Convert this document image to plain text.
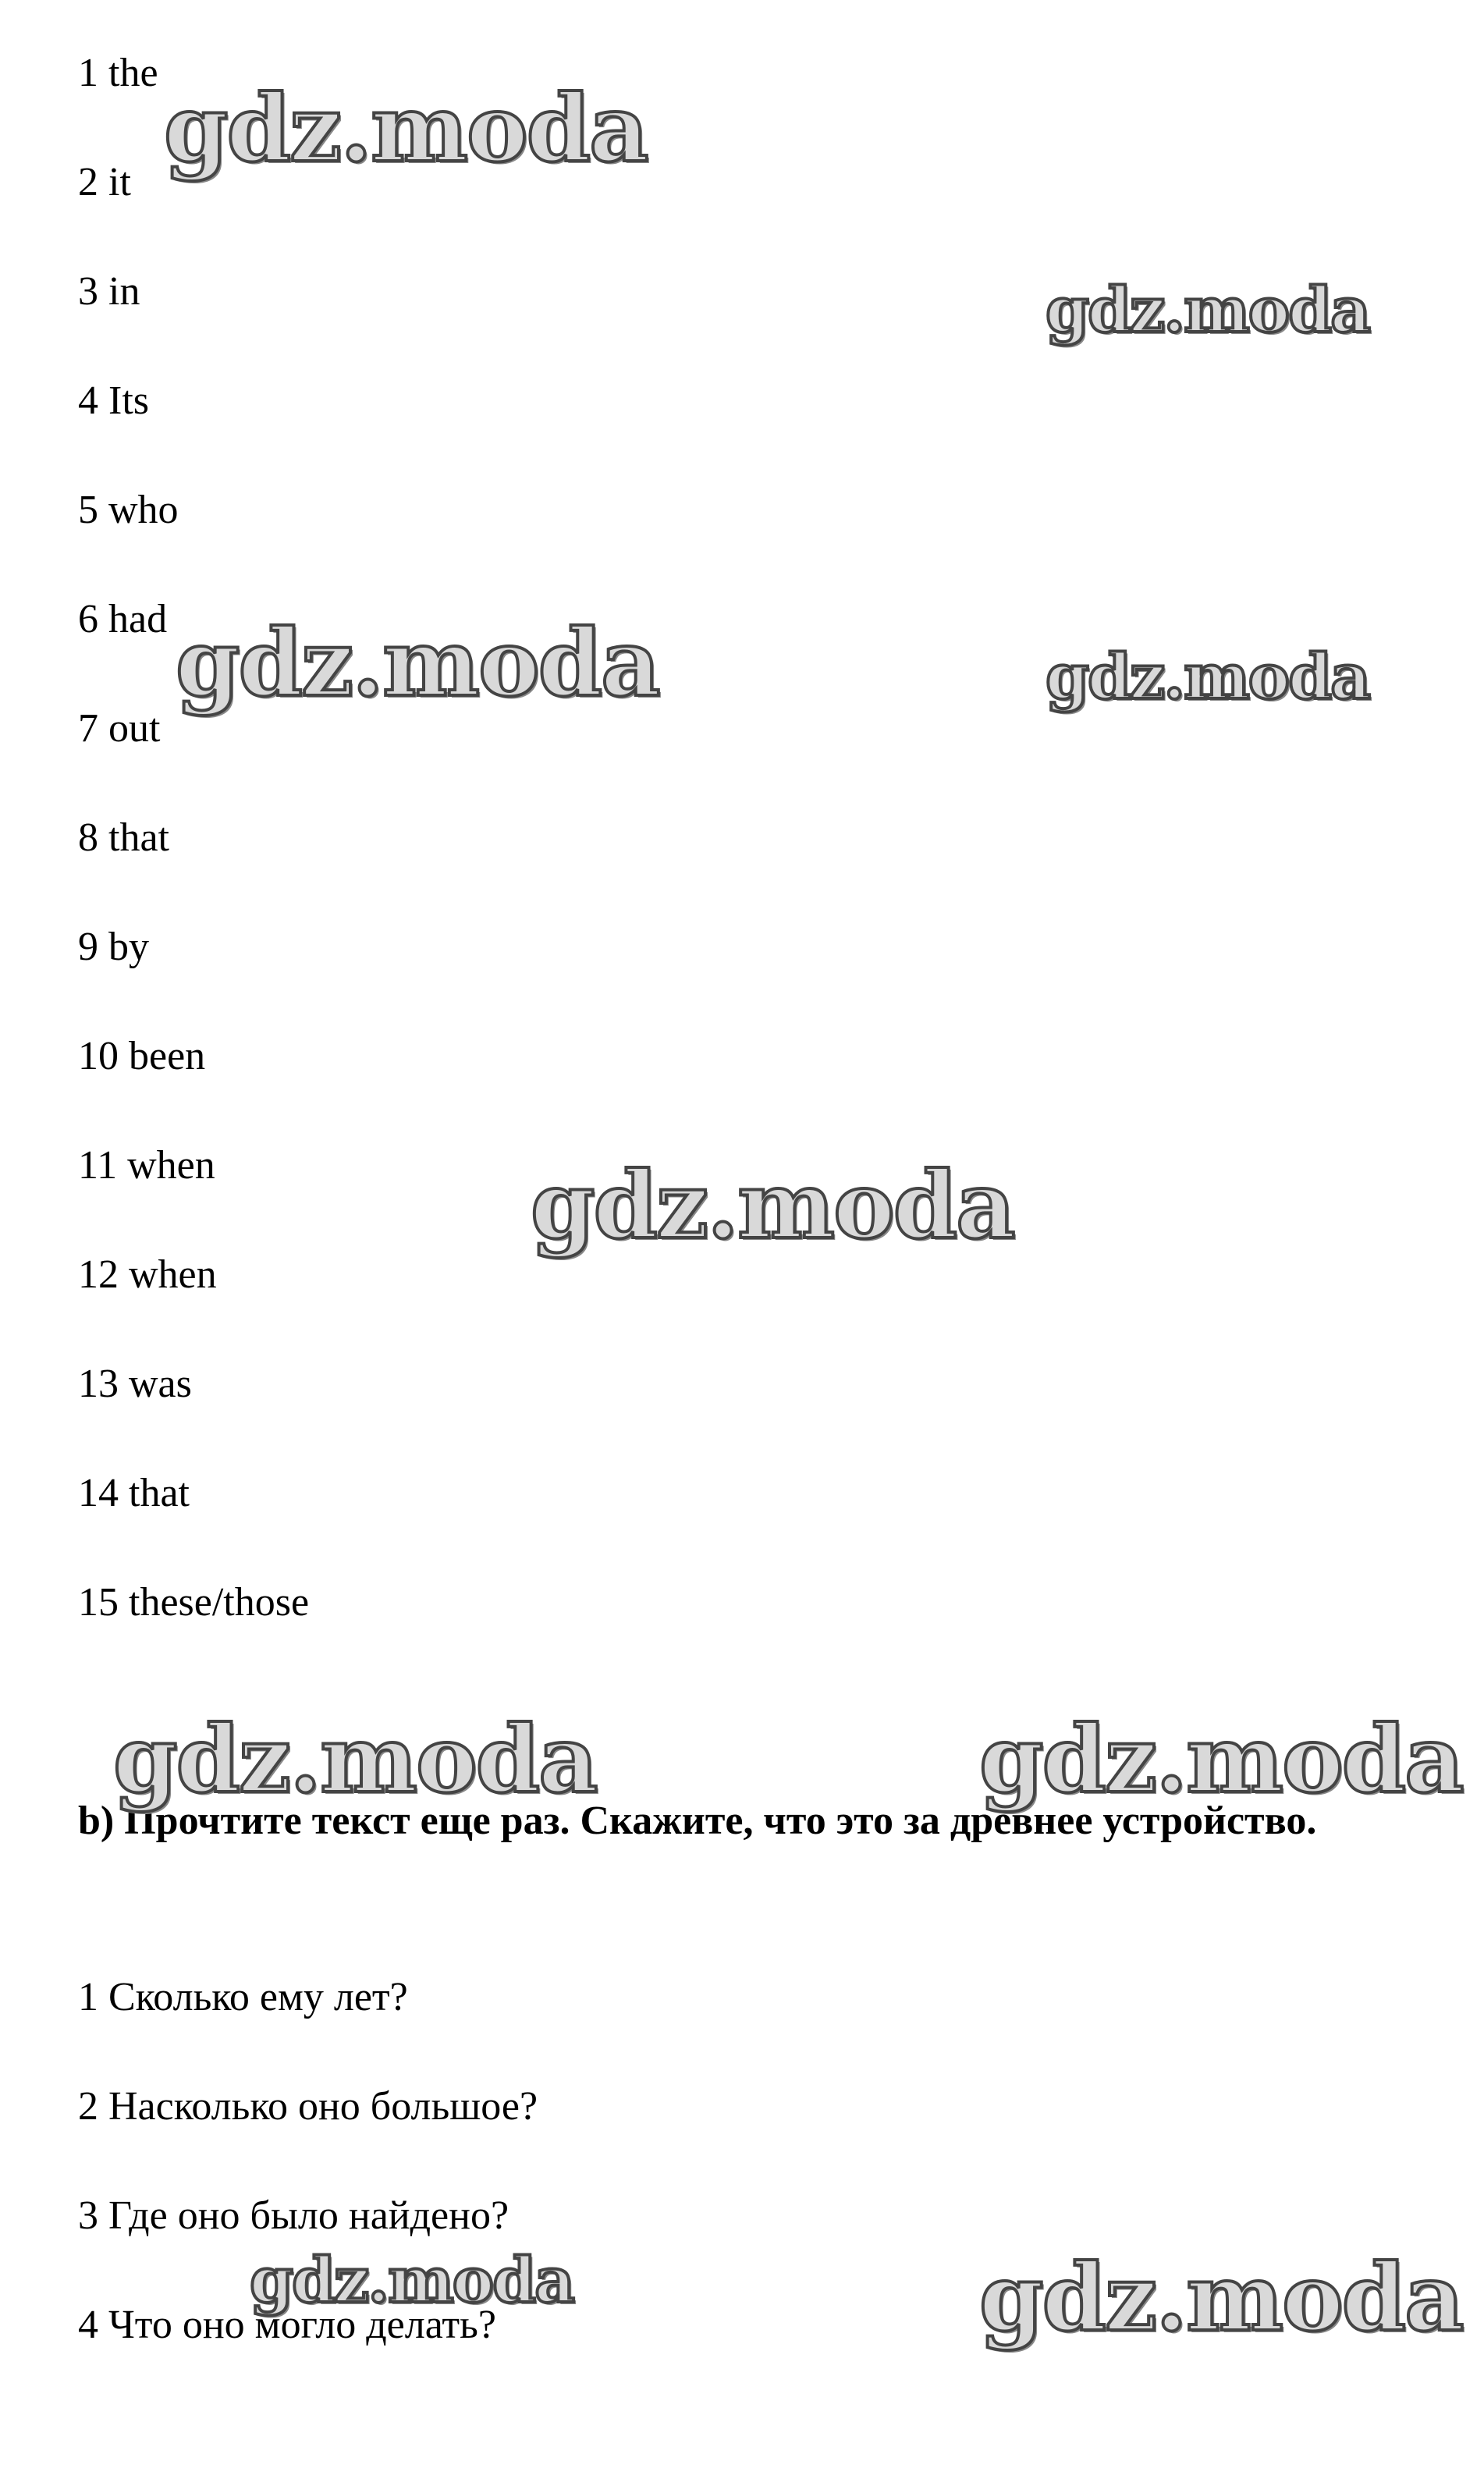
1 the
2 it
3 in
4 Its
5 who
6 had
7 out
8 that
9 by
10 been
11 when
12 when
13 was
14 that
15 these/those
b) Прочтите текст еще раз. Скажите, что это за древнее устройство.
1 Сколько ему лет?
2 Насколько оно большое?
3 Где оно было найдено?
4 Что оно могло делать?
gdz.moda
gdz.moda
gdz.moda	gdz.moda
gdz.moda
gdz.moda	gdz.moda
gdz.moda	gdz.moda
